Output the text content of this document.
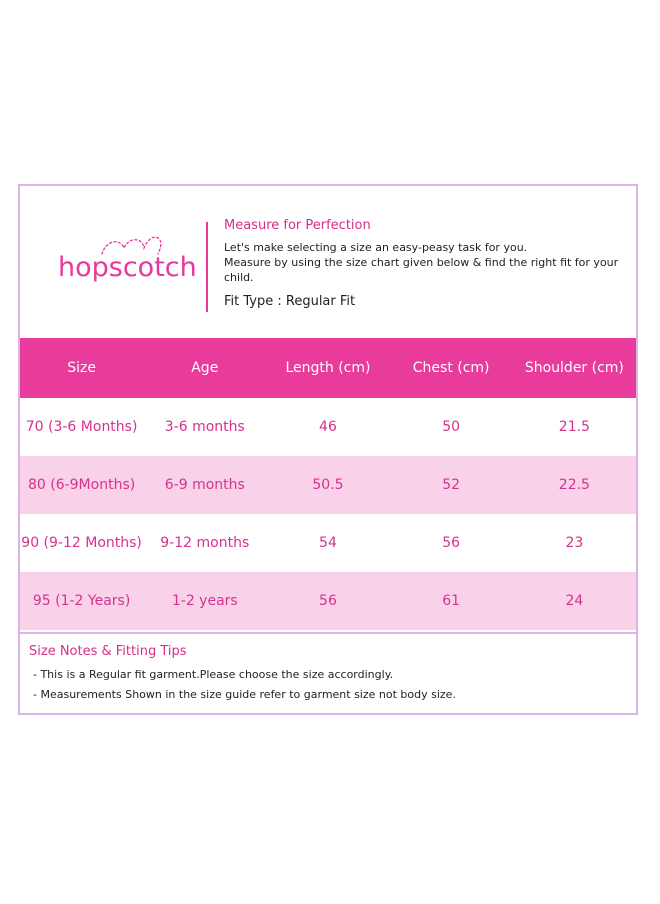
hopscotch

Measure for Perfection

Let's make selecting a size an easy-peasy task for you.

Measure by using the size chart given below & find the right fit for your child.

Fit Type : Regular Fit

Size	Age	Length (cm)	Chest (cm)	Shoulder (cm)
70 (3-6 Months)	3-6 months	46	50	21.5
80 (6-9Months)	6-9 months	50.5	52	22.5
90 (9-12 Months)	9-12 months	54	56	23
95 (1-2 Years)	1-2 years	56	61	24

Size Notes & Fitting Tips

- This is a Regular fit garment.Please choose the size accordingly.

- Measurements Shown in the size guide refer to garment size not body size.
